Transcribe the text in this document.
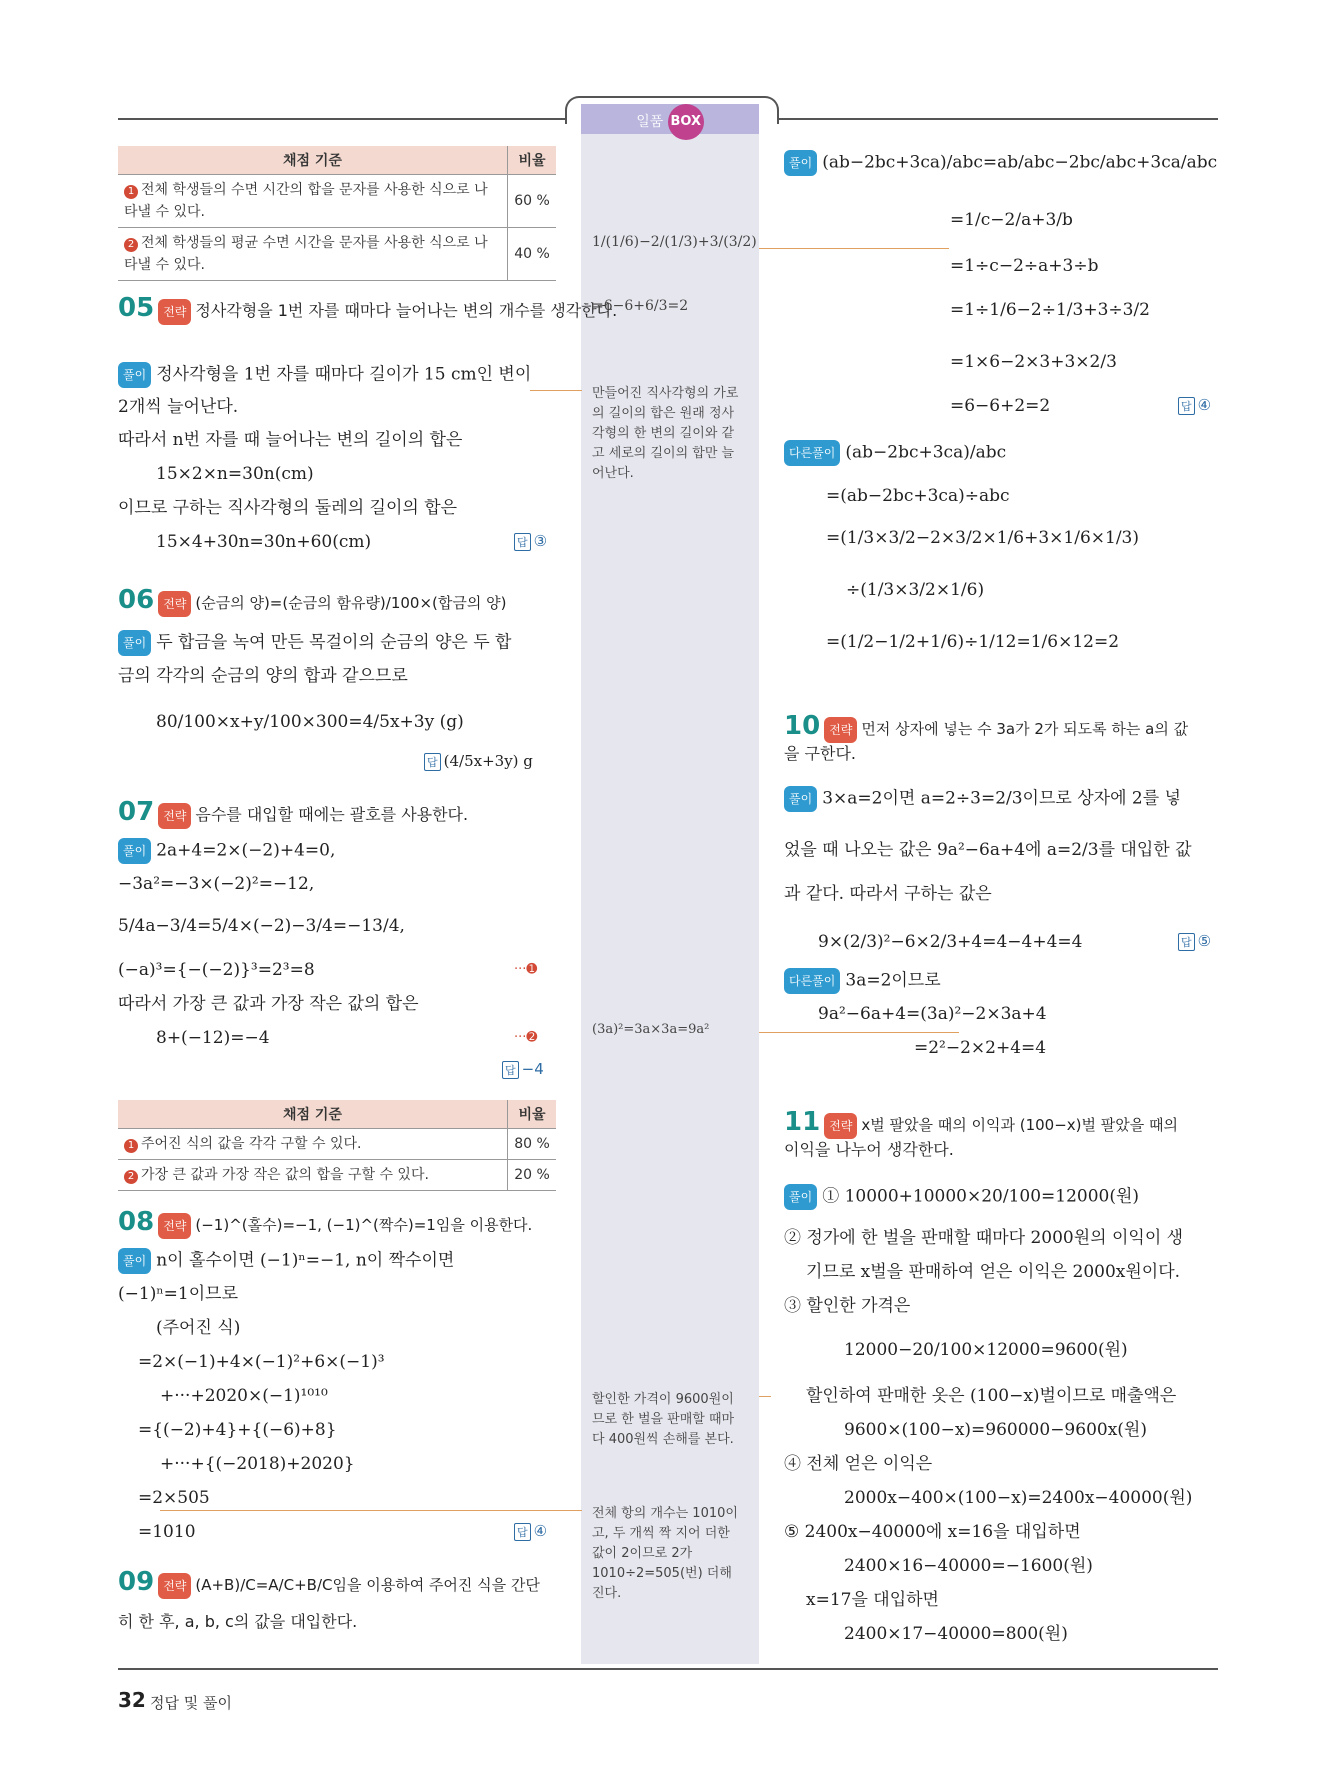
일품 BOX
채점 기준	비율
1 전체 학생들의 수면 시간의 합을 문자를 사용한 식으로 나타낼 수 있다.	60 %
2 전체 학생들의 평균 수면 시간을 문자를 사용한 식으로 나타낼 수 있다.	40 %
05 전략 정사각형을 1번 자를 때마다 늘어나는 변의 개수를 생각한다.
풀이 정사각형을 1번 자를 때마다 길이가 15 cm인 변이
2개씩 늘어난다.
따라서 n번 자를 때 늘어나는 변의 길이의 합은
15×2×n=30n(cm)
이므로 구하는 직사각형의 둘레의 길이의 합은
15×4+30n=30n+60(cm)	답 ③
06 전략 (순금의 양)=(순금의 함유량)/100×(합금의 양)
풀이 두 합금을 녹여 만든 목걸이의 순금의 양은 두 합
금의 각각의 순금의 양의 합과 같으므로
80/100×x+y/100×300=4/5x+3y (g)
답 (4/5x+3y) g
07 전략 음수를 대입할 때에는 괄호를 사용한다.
풀이 2a+4=2×(−2)+4=0,
−3a²=−3×(−2)²=−12,
5/4a−3/4=5/4×(−2)−3/4=−13/4,
(−a)³={−(−2)}³=2³=8	···➊
따라서 가장 큰 값과 가장 작은 값의 합은
8+(−12)=−4	···➋
답 −4
채점 기준	비율
1 주어진 식의 값을 각각 구할 수 있다.	80 %
2 가장 큰 값과 가장 작은 값의 합을 구할 수 있다.	20 %
08 전략 (−1)^(홀수)=−1, (−1)^(짝수)=1임을 이용한다.
풀이 n이 홀수이면 (−1)ⁿ=−1, n이 짝수이면
(−1)ⁿ=1이므로
(주어진 식)
=2×(−1)+4×(−1)²+6×(−1)³
+···+2020×(−1)¹⁰¹⁰
={(−2)+4}+{(−6)+8}
+···+{(−2018)+2020}
=2×505
=1010	답 ④
09 전략 (A+B)/C=A/C+B/C임을 이용하여 주어진 식을 간단
히 한 후, a, b, c의 값을 대입한다.
1/(1/6)−2/(1/3)+3/(3/2)
=6−6+6/3=2
만들어진 직사각형의 가로의 길이의 합은 원래 정사각형의 한 변의 길이와 같고 세로의 길이의 합만 늘어난다.
(3a)²=3a×3a=9a²
할인한 가격이 9600원이므로 한 벌을 판매할 때마다 400원씩 손해를 본다.
전체 항의 개수는 1010이고, 두 개씩 짝 지어 더한 값이 2이므로 2가 1010÷2=505(번) 더해진다.
풀이 (ab−2bc+3ca)/abc=ab/abc−2bc/abc+3ca/abc
=1/c−2/a+3/b
=1÷c−2÷a+3÷b
=1÷1/6−2÷1/3+3÷3/2
=1×6−2×3+3×2/3
=6−6+2=2	답 ④
다른풀이 (ab−2bc+3ca)/abc
=(ab−2bc+3ca)÷abc
=(1/3×3/2−2×3/2×1/6+3×1/6×1/3)
÷(1/3×3/2×1/6)
=(1/2−1/2+1/6)÷1/12=1/6×12=2
10 전략 먼저 상자에 넣는 수 3a가 2가 되도록 하는 a의 값
을 구한다.
풀이 3×a=2이면 a=2÷3=2/3이므로 상자에 2를 넣
었을 때 나오는 값은 9a²−6a+4에 a=2/3를 대입한 값
과 같다. 따라서 구하는 값은
9×(2/3)²−6×2/3+4=4−4+4=4	답 ⑤
다른풀이 3a=2이므로
9a²−6a+4=(3a)²−2×3a+4
=2²−2×2+4=4
11 전략 x벌 팔았을 때의 이익과 (100−x)벌 팔았을 때의
이익을 나누어 생각한다.
풀이 ① 10000+10000×20/100=12000(원)
② 정가에 한 벌을 판매할 때마다 2000원의 이익이 생
기므로 x벌을 판매하여 얻은 이익은 2000x원이다.
③ 할인한 가격은
12000−20/100×12000=9600(원)
할인하여 판매한 옷은 (100−x)벌이므로 매출액은
9600×(100−x)=960000−9600x(원)
④ 전체 얻은 이익은
2000x−400×(100−x)=2400x−40000(원)
⑤ 2400x−40000에 x=16을 대입하면
2400×16−40000=−1600(원)
x=17을 대입하면
2400×17−40000=800(원)
32 정답 및 풀이
